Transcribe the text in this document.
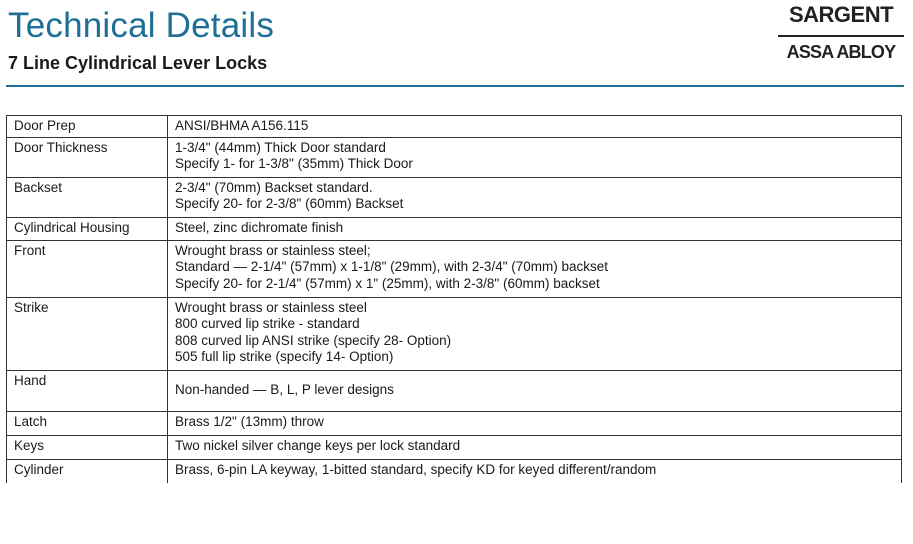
Technical Details
7 Line Cylindrical Lever Locks
SARGENT
ASSA ABLOY
Door Prep	ANSI/BHMA A156.115

Door Thickness	1-3/4" (44mm) Thick Door standard
Specify 1- for 1-3/8" (35mm) Thick Door

Backset	2-3/4" (70mm) Backset standard.
Specify 20- for 2-3/8" (60mm) Backset

Cylindrical Housing	Steel, zinc dichromate finish

Front	Wrought brass or stainless steel;
Standard — 2-1/4" (57mm) x 1-1/8" (29mm), with 2-3/4" (70mm) backset
Specify 20- for 2-1/4" (57mm) x 1" (25mm), with 2-3/8" (60mm) backset

Strike	Wrought brass or stainless steel
800 curved lip strike - standard
808 curved lip ANSI strike (specify 28- Option)
505 full lip strike (specify 14- Option)

Hand	Non-handed — B, L, P lever designs

Latch	Brass 1/2" (13mm) throw

Keys	Two nickel silver change keys per lock standard

Cylinder	Brass, 6-pin LA keyway, 1-bitted standard, specify KD for keyed different/random
